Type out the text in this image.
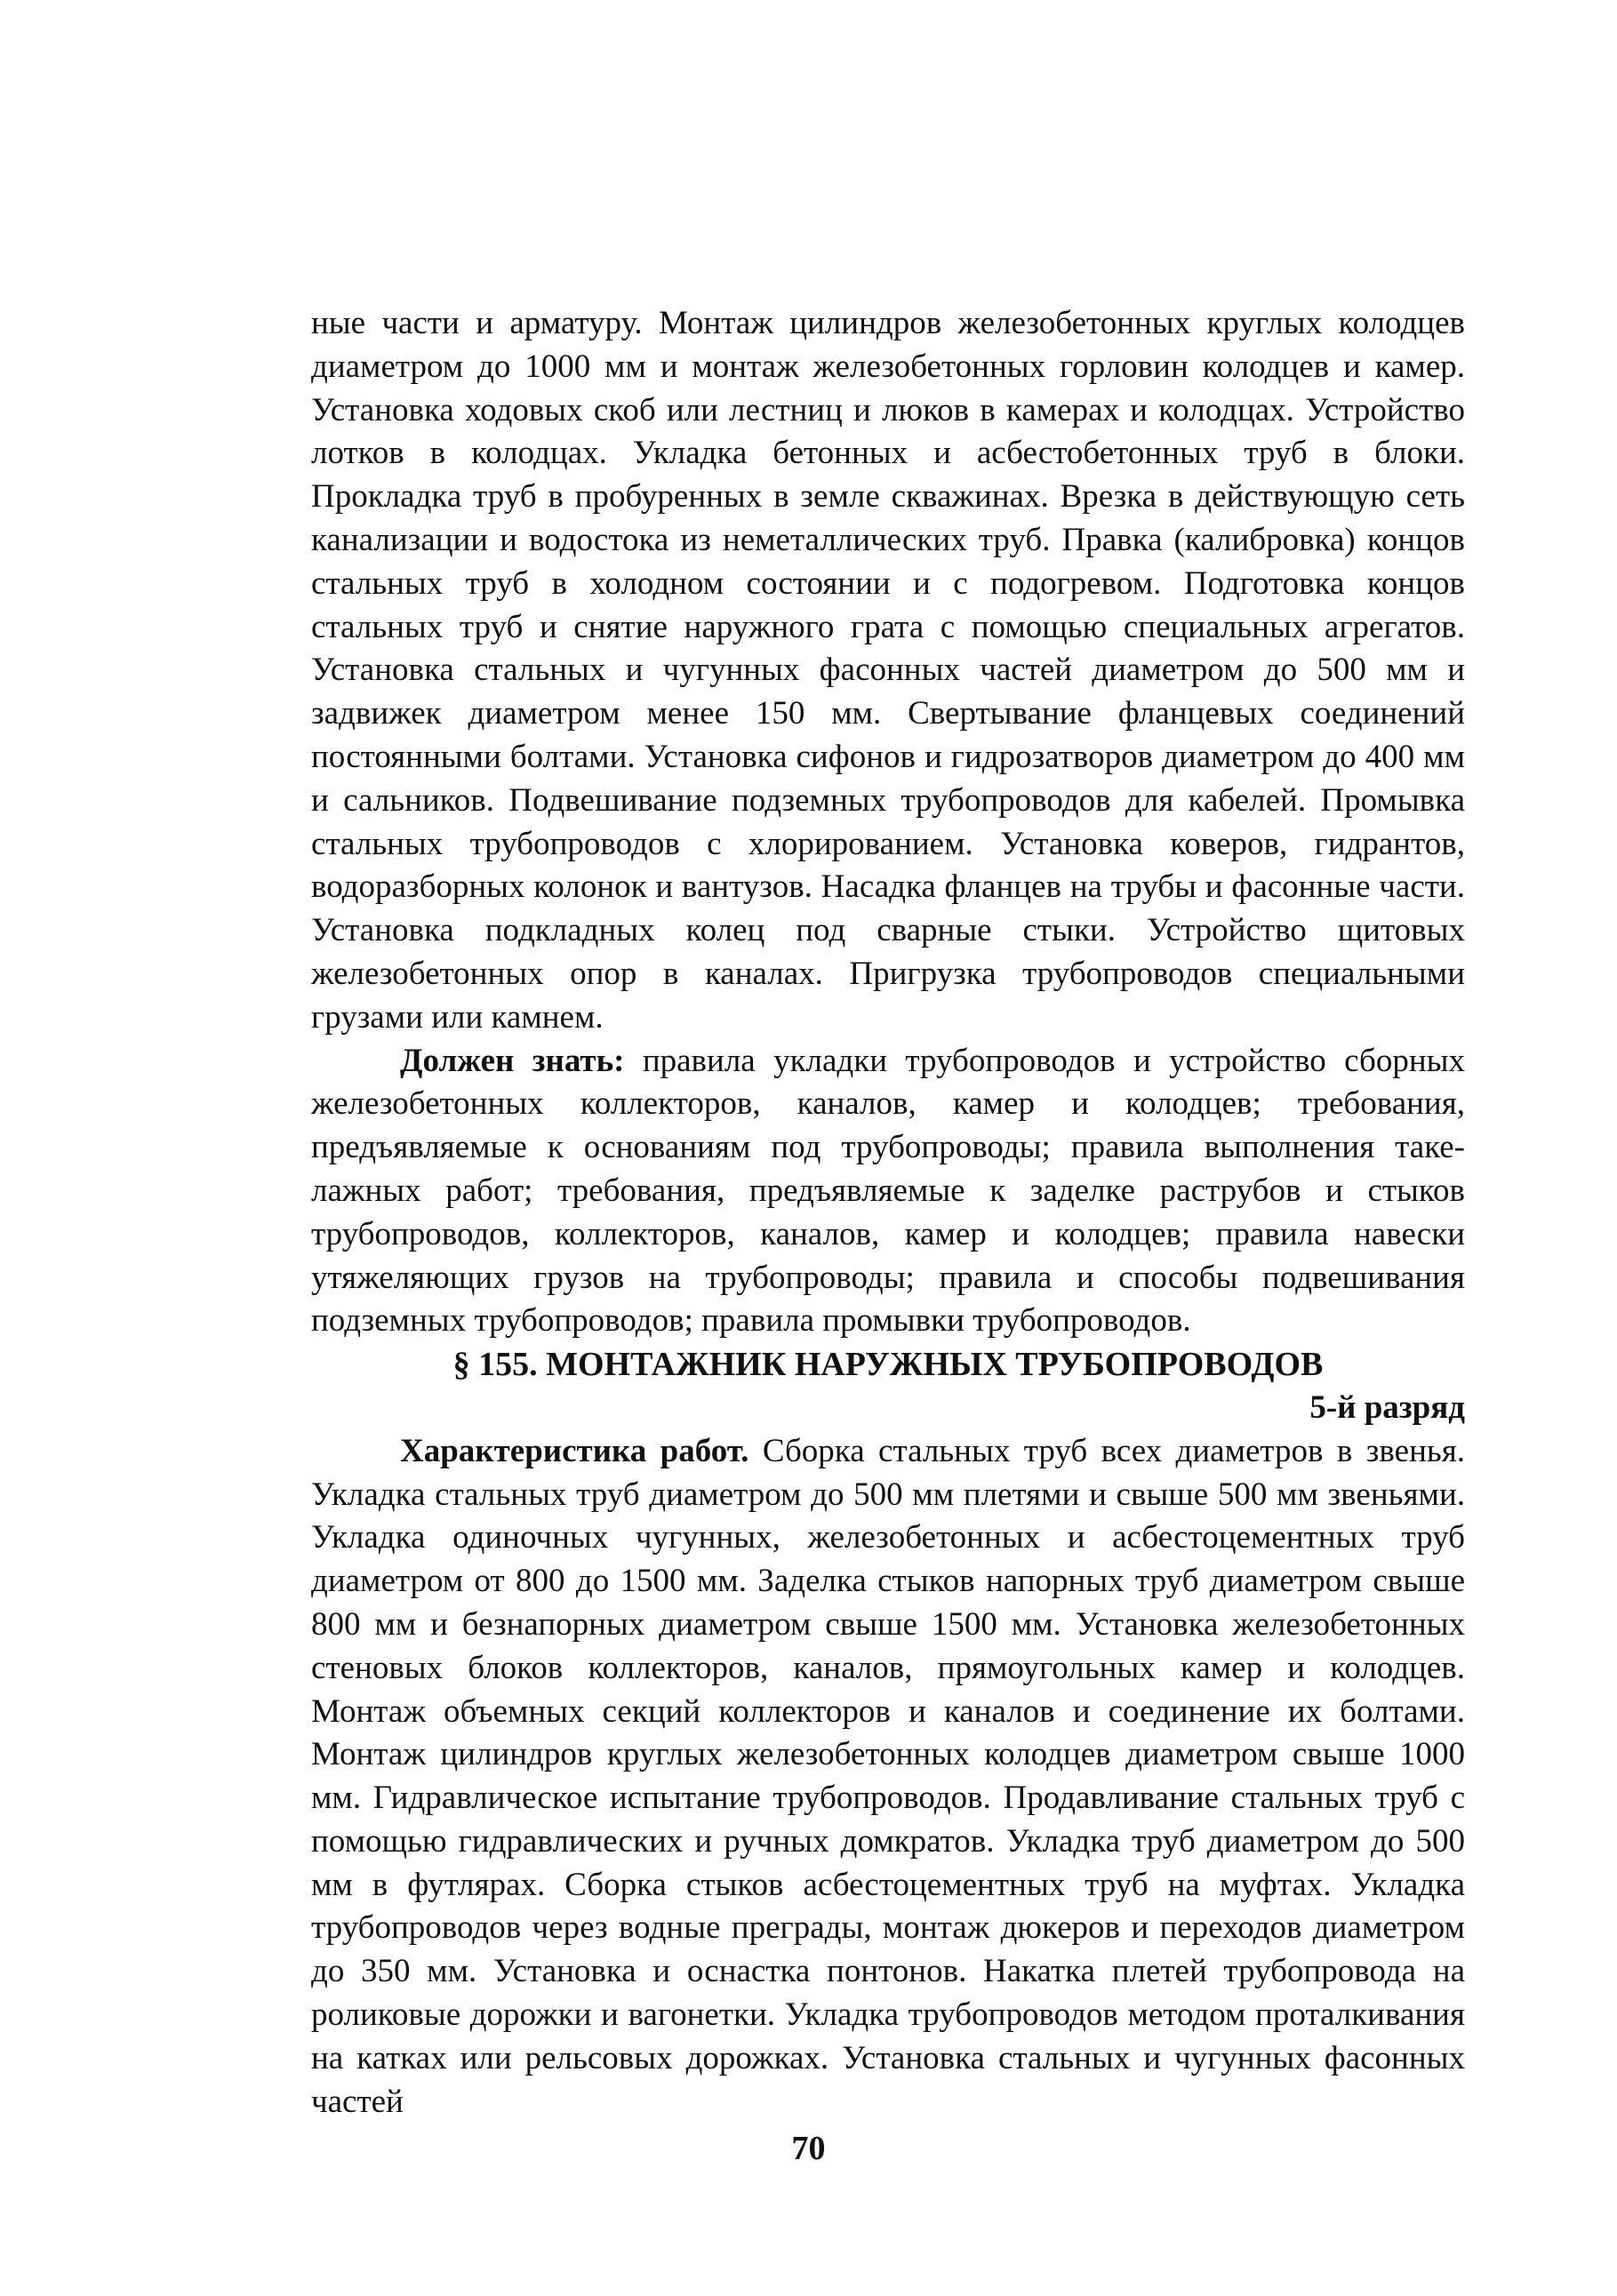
ные части и арматуру. Монтаж цилиндров железобетонных круглых колодцев диаметром до 1000 мм и монтаж железобетонных горловин колодцев и камер. Установка ходовых скоб или лестниц и люков в камерах и колодцах. Устройство лотков в колодцах. Укладка бетонных и асбестобетонных труб в блоки. Прокладка труб в пробуренных в земле скважинах. Врезка в действующую сеть канализации и водостока из неметаллических труб. Правка (калибровка) концов стальных труб в холодном состоянии и с подогревом. Подготовка концов стальных труб и снятие наружного грата с помощью специальных агрегатов. Установка стальных и чугунных фасонных частей диаметром до 500 мм и задвижек диаметром менее 150 мм. Свертывание фланцевых соединений постоянными болтами. Установка сифонов и гидрозатворов диаметром до 400 мм и сальников. Подвешивание подземных трубопроводов для кабелей. Промывка стальных трубопроводов с хлорированием. Установка коверов, гидрантов, водоразборных колонок и вантузов. Насадка фланцев на трубы и фасонные части. Установка подкладных колец под сварные стыки. Устройство щитовых железобетонных опор в каналах. Пригрузка трубопроводов специальными грузами или камнем.

Должен знать: правила укладки трубопроводов и устройство сборных железобетонных коллекторов, каналов, камер и колодцев; требования, предъявляемые к основаниям под трубопроводы; правила выполнения такелажных работ; требования, предъявляемые к заделке раструбов и стыков трубопроводов, коллекторов, каналов, камер и колодцев; правила навески утяжеляющих грузов на трубопроводы; правила и способы подвешивания подземных трубопроводов; правила промывки трубопроводов.

§ 155. МОНТАЖНИК НАРУЖНЫХ ТРУБОПРОВОДОВ

5-й разряд

Характеристика работ. Сборка стальных труб всех диаметров в звенья. Укладка стальных труб диаметром до 500 мм плетями и свыше 500 мм звеньями. Укладка одиночных чугунных, железобетонных и асбестоцементных труб диаметром от 800 до 1500 мм. Заделка стыков напорных труб диаметром свыше 800 мм и безнапорных диаметром свыше 1500 мм. Установка железобетонных стеновых блоков коллекторов, каналов, прямоугольных камер и колодцев. Монтаж объемных секций коллекторов и каналов и соединение их болтами. Монтаж цилиндров круглых железобетонных колодцев диаметром свыше 1000 мм. Гидравлическое испытание трубопроводов. Продавливание стальных труб с помощью гидравлических и ручных домкратов. Укладка труб диаметром до 500 мм в футлярах. Сборка стыков асбестоцементных труб на муфтах. Укладка трубопроводов через водные преграды, монтаж дюкеров и переходов диаметром до 350 мм. Установка и оснастка понтонов. Накатка плетей трубопровода на роликовые дорожки и вагонетки. Укладка трубопроводов методом проталкивания на катках или рельсовых дорожках. Установка стальных и чугунных фасонных частей

70
